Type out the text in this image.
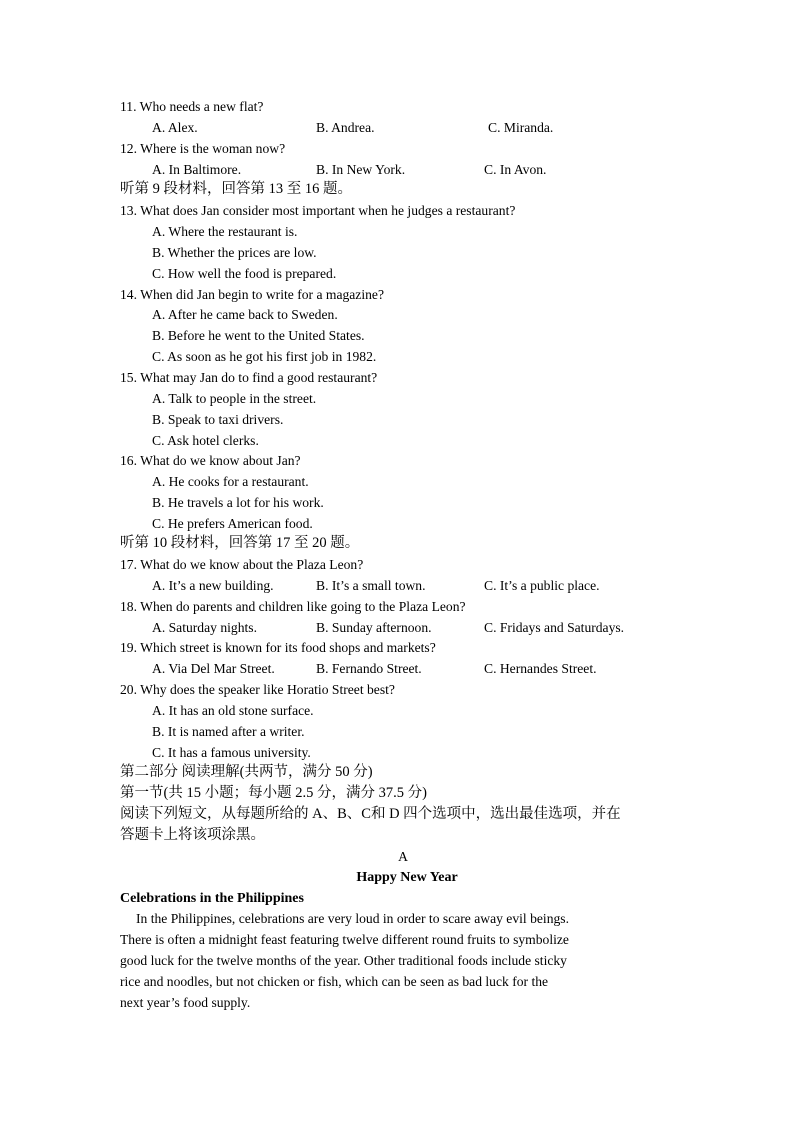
11. Who needs a new flat?
A. Alex.	B. Andrea.	C. Miranda.
12. Where is the woman now?
A. In Baltimore.	B. In New York.	C. In Avon.
听第 9 段材料，回答第 13 至 16 题。
13. What does Jan consider most important when he judges a restaurant?
A. Where the restaurant is.
B. Whether the prices are low.
C. How well the food is prepared.
14. When did Jan begin to write for a magazine?
A. After he came back to Sweden.
B. Before he went to the United States.
C. As soon as he got his first job in 1982.
15. What may Jan do to find a good restaurant?
A. Talk to people in the street.
B. Speak to taxi drivers.
C. Ask hotel clerks.
16. What do we know about Jan?
A. He cooks for a restaurant.
B. He travels a lot for his work.
C. He prefers American food.
听第 10 段材料，回答第 17 至 20 题。
17. What do we know about the Plaza Leon?
A. It’s a new building.	B. It’s a small town.	C. It’s a public place.
18. When do parents and children like going to the Plaza Leon?
A. Saturday nights.	B. Sunday afternoon.	C. Fridays and Saturdays.
19. Which street is known for its food shops and markets?
A. Via Del Mar Street.	B. Fernando Street.	C. Hernandes Street.
20. Why does the speaker like Horatio Street best?
A. It has an old stone surface.
B. It is named after a writer.
C. It has a famous university.
第二部分 阅读理解(共两节，满分 50 分)
第一节(共 15 小题；每小题 2.5 分，满分 37.5 分)
阅读下列短文，从每题所给的 A、B、C和 D 四个选项中，选出最佳选项，并在
答题卡上将该项涂黑。
A
Happy New Year
Celebrations in the Philippines
In the Philippines, celebrations are very loud in order to scare away evil beings.
There is often a midnight feast featuring twelve different round fruits to symbolize
good luck for the twelve months of the year. Other traditional foods include sticky
rice and noodles, but not chicken or fish, which can be seen as bad luck for the
next year’s food supply.
